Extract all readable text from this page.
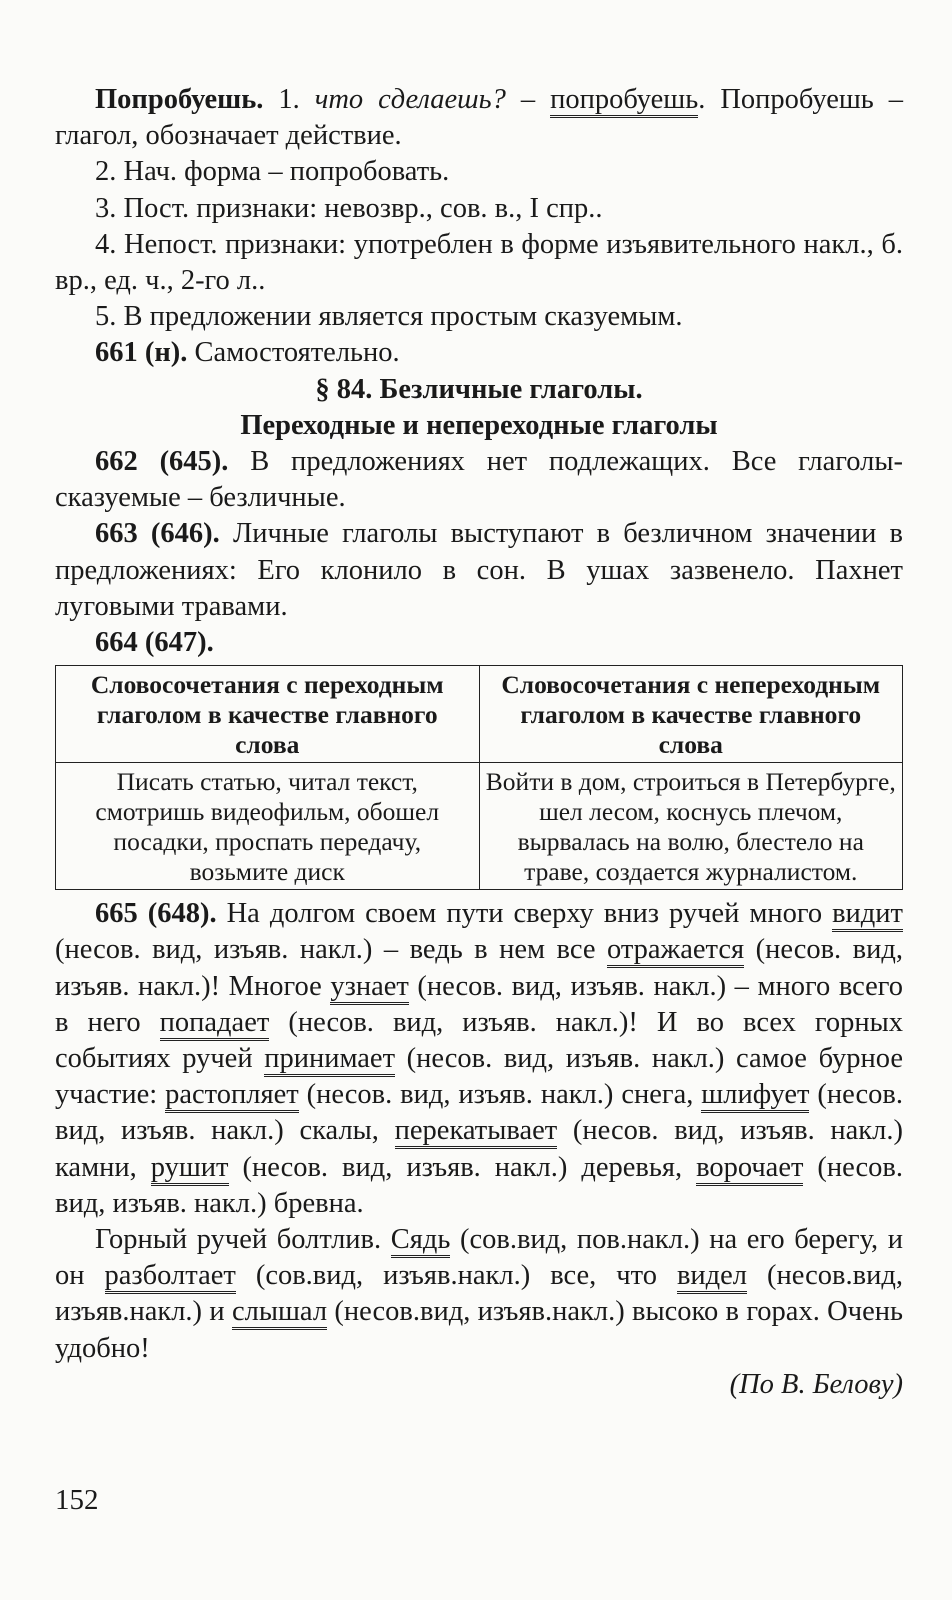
Попробуешь. 1. что сделаешь? – попробуешь. Попробуешь – глагол, обозначает действие.

2. Нач. форма – попробовать.

3. Пост. признаки: невозвр., сов. в., I спр..

4. Непост. признаки: употреблен в форме изъявительного накл., б. вр., ед. ч., 2-го л..

5. В предложении является простым сказуемым.

661 (н). Самостоятельно.

§ 84. Безличные глаголы.

Переходные и непереходные глаголы

662 (645). В предложениях нет подлежащих. Все глаголы-сказуемые – безличные.

663 (646). Личные глаголы выступают в безличном значении в предложениях: Его клонило в сон. В ушах зазвенело. Пахнет луговыми травами.

664 (647).

Словосочетания с переходным глаголом в качестве главного слова	Словосочетания с непереходным глаголом в качестве главного слова
Писать статью, читал текст, смотришь видеофильм, обошел посадки, проспать передачу, возьмите диск	Войти в дом, строиться в Петербурге, шел лесом, коснусь плечом, вырвалась на волю, блестело на траве, создается журналистом.

665 (648). На долгом своем пути сверху вниз ручей много видит (несов. вид, изъяв. накл.) – ведь в нем все отражается (несов. вид, изъяв. накл.)! Многое узнает (несов. вид, изъяв. накл.) – много всего в него попадает (несов. вид, изъяв. накл.)! И во всех горных событиях ручей принимает (несов. вид, изъяв. накл.) самое бурное участие: растопляет (несов. вид, изъяв. накл.) снега, шлифует (несов. вид, изъяв. накл.) скалы, перекатывает (несов. вид, изъяв. накл.) камни, рушит (несов. вид, изъяв. накл.) деревья, ворочает (несов. вид, изъяв. накл.) бревна.

Горный ручей болтлив. Сядь (сов.вид, пов.накл.) на его берегу, и он разболтает (сов.вид, изъяв.накл.) все, что видел (несов.вид, изъяв.накл.) и слышал (несов.вид, изъяв.накл.) высоко в горах. Очень удобно!

(По В. Белову)

152
